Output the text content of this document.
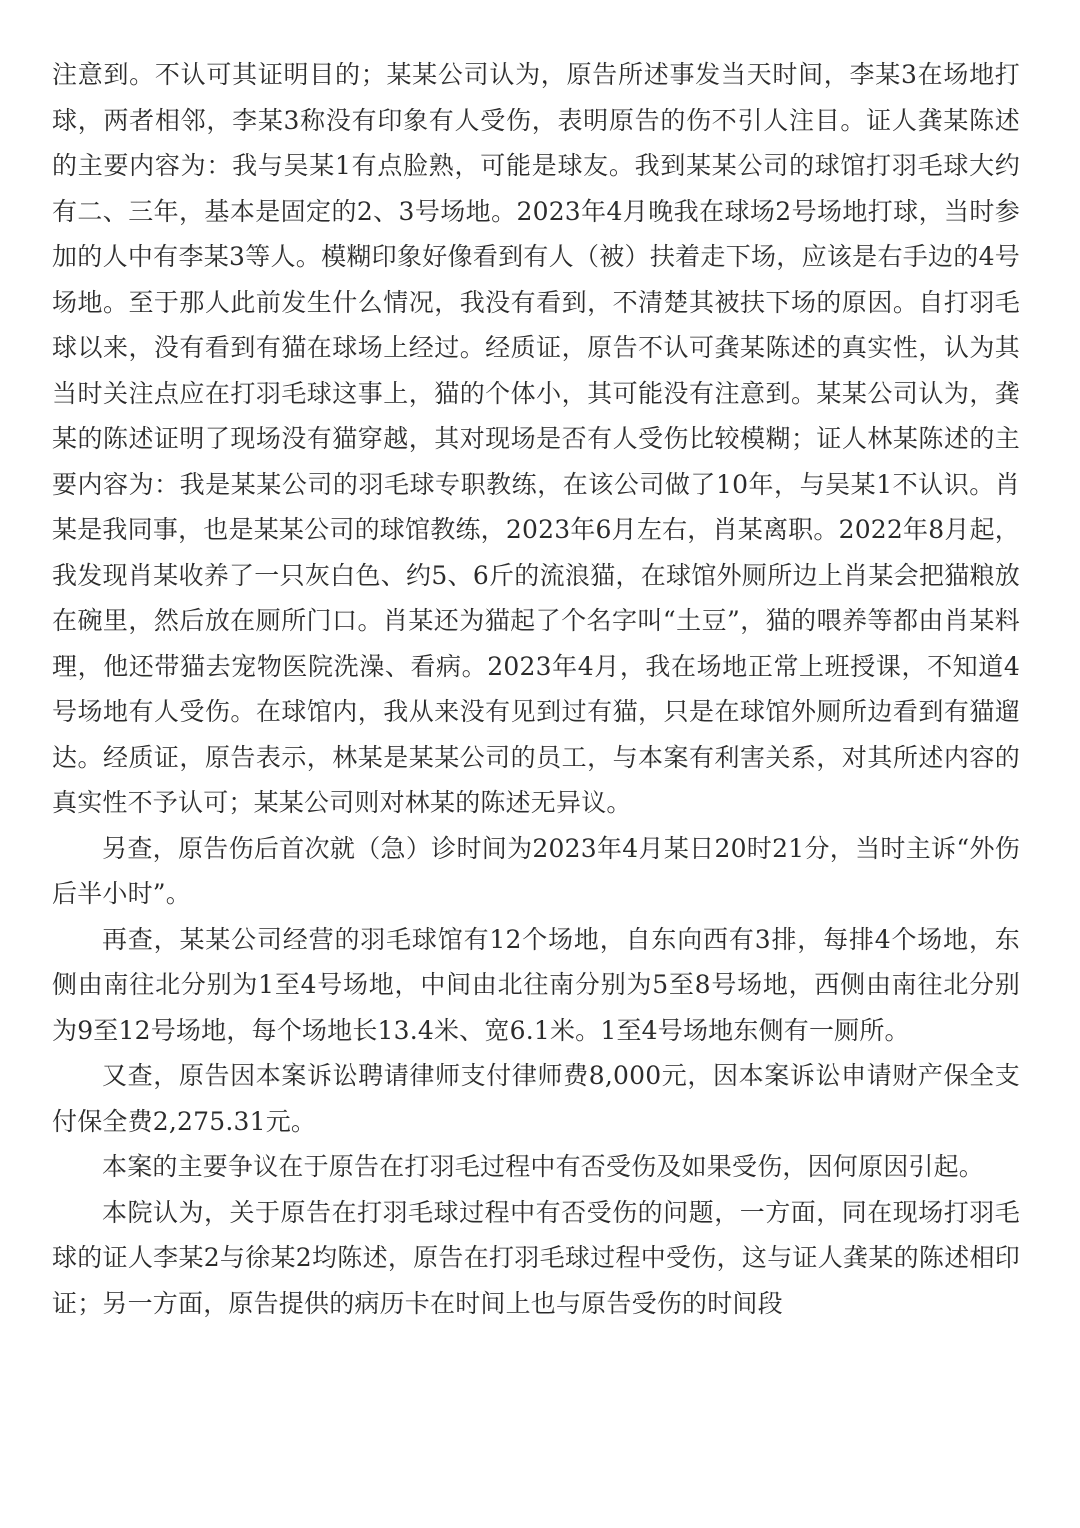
注意到。不认可其证明目的；某某公司认为，原告所述事发当天时间，李某3在场地打球，两者相邻，李某3称没有印象有人受伤，表明原告的伤不引人注目。证人龚某陈述的主要内容为：我与吴某1有点脸熟，可能是球友。我到某某公司的球馆打羽毛球大约有二、三年，基本是固定的2、3号场地。2023年4月晚我在球场2号场地打球，当时参加的人中有李某3等人。模糊印象好像看到有人（被）扶着走下场，应该是右手边的4号场地。至于那人此前发生什么情况，我没有看到，不清楚其被扶下场的原因。自打羽毛球以来，没有看到有猫在球场上经过。经质证，原告不认可龚某陈述的真实性，认为其当时关注点应在打羽毛球这事上，猫的个体小，其可能没有注意到。某某公司认为，龚某的陈述证明了现场没有猫穿越，其对现场是否有人受伤比较模糊；证人林某陈述的主要内容为：我是某某公司的羽毛球专职教练，在该公司做了10年，与吴某1不认识。肖某是我同事，也是某某公司的球馆教练，2023年6月左右，肖某离职。2022年8月起，我发现肖某收养了一只灰白色、约5、6斤的流浪猫，在球馆外厕所边上肖某会把猫粮放在碗里，然后放在厕所门口。肖某还为猫起了个名字叫“土豆”，猫的喂养等都由肖某料理，他还带猫去宠物医院洗澡、看病。2023年4月，我在场地正常上班授课，不知道4号场地有人受伤。在球馆内，我从来没有见到过有猫，只是在球馆外厕所边看到有猫遛达。经质证，原告表示，林某是某某公司的员工，与本案有利害关系，对其所述内容的真实性不予认可；某某公司则对林某的陈述无异议。

另查，原告伤后首次就（急）诊时间为2023年4月某日20时21分，当时主诉“外伤后半小时”。

再查，某某公司经营的羽毛球馆有12个场地，自东向西有3排，每排4个场地，东侧由南往北分别为1至4号场地，中间由北往南分别为5至8号场地，西侧由南往北分别为9至12号场地，每个场地长13.4米、宽6.1米。1至4号场地东侧有一厕所。

又查，原告因本案诉讼聘请律师支付律师费8,000元，因本案诉讼申请财产保全支付保全费2,275.31元。

本案的主要争议在于原告在打羽毛过程中有否受伤及如果受伤，因何原因引起。

本院认为，关于原告在打羽毛球过程中有否受伤的问题，一方面，同在现场打羽毛球的证人李某2与徐某2均陈述，原告在打羽毛球过程中受伤，这与证人龚某的陈述相印证；另一方面，原告提供的病历卡在时间上也与原告受伤的时间段
